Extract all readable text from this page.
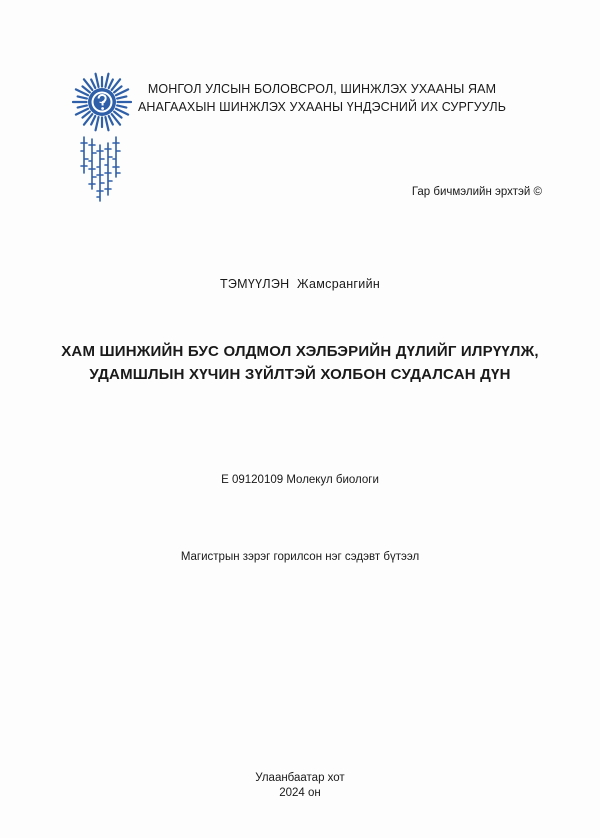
МОНГОЛ УЛСЫН БОЛОВСРОЛ, ШИНЖЛЭХ УХААНЫ ЯАМ
АНАГААХЫН ШИНЖЛЭХ УХААНЫ ҮНДЭСНИЙ ИХ СУРГУУЛЬ
Гар бичмэлийн эрхтэй ©
ТЭМҮҮЛЭН Жамсрангийн
ХАМ ШИНЖИЙН БУС ОЛДМОЛ ХЭЛБЭРИЙН ДҮЛИЙГ ИЛРҮҮЛЖ,
УДАМШЛЫН ХҮЧИН ЗҮЙЛТЭЙ ХОЛБОН СУДАЛСАН ДҮН
Е 09120109 Молекул биологи
Магистрын зэрэг горилсон нэг сэдэвт бүтээл
Улаанбаатар хот
2024 он
